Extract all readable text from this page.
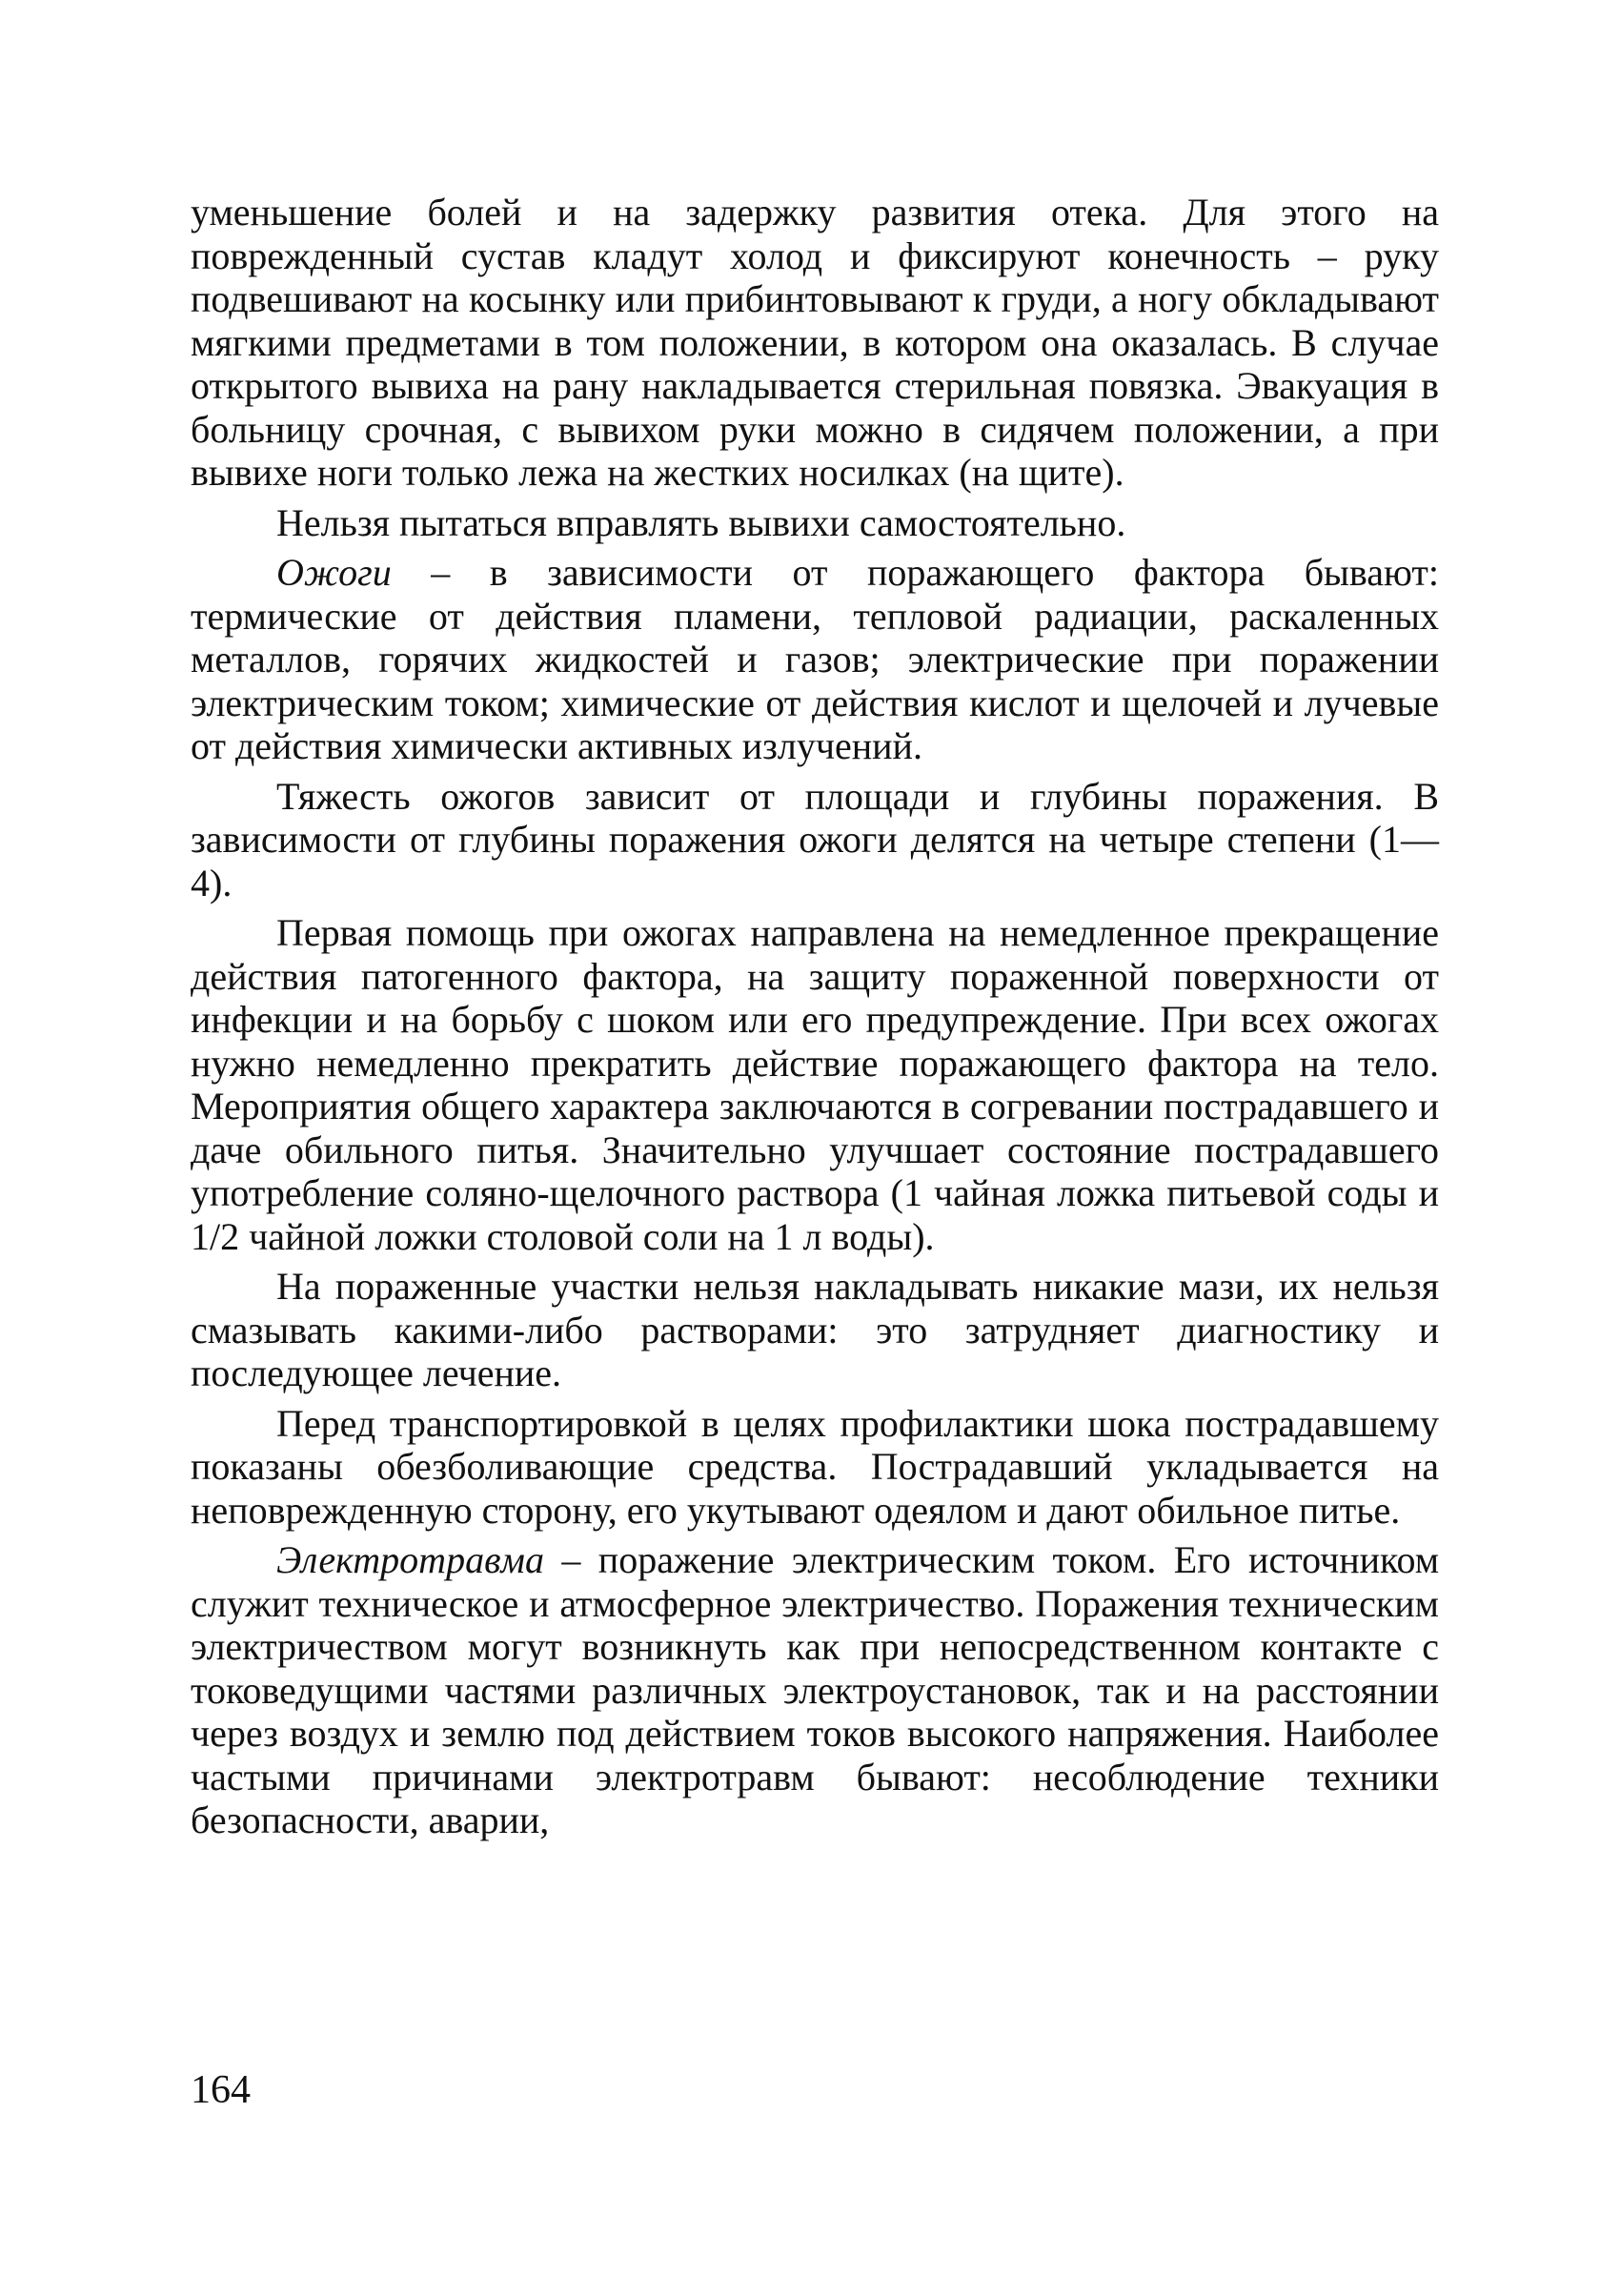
уменьшение болей и на задержку развития отека. Для этого на поврежденный сустав кладут холод и фиксируют конечность – руку подвешивают на косынку или прибинтовывают к груди, а ногу обкладывают мягкими предметами в том положении, в котором она оказалась. В случае открытого вывиха на рану накладывается стерильная повязка. Эвакуация в больницу срочная, с вывихом руки можно в сидячем положении, а при вывихе ноги только лежа на жестких носилках (на щите).

Нельзя пытаться вправлять вывихи самостоятельно.

Ожоги – в зависимости от поражающего фактора бывают: термические от действия пламени, тепловой радиации, раскаленных металлов, горячих жидкостей и газов; электрические при поражении электрическим током; химические от действия кислот и щелочей и лучевые от действия химически активных излучений.

Тяжесть ожогов зависит от площади и глубины поражения. В зависимости от глубины поражения ожоги делятся на четыре степени (1—4).

Первая помощь при ожогах направлена на немедленное прекращение действия патогенного фактора, на защиту пораженной поверхности от инфекции и на борьбу с шоком или его предупреждение. При всех ожогах нужно немедленно прекратить действие поражающего фактора на тело. Мероприятия общего характера заключаются в согревании пострадавшего и даче обильного питья. Значительно улучшает состояние пострадавшего употребление соляно-щелочного раствора (1 чайная ложка питьевой соды и 1/2 чайной ложки столовой соли на 1 л воды).

На пораженные участки нельзя накладывать никакие мази, их нельзя смазывать какими-либо растворами: это затрудняет диагностику и последующее лечение.

Перед транспортировкой в целях профилактики шока пострадавшему показаны обезболивающие средства. Пострадавший укладывается на неповрежденную сторону, его укутывают одеялом и дают обильное питье.

Электротравма – поражение электрическим током. Его источником служит техническое и атмосферное электричество. Поражения техническим электричеством могут возникнуть как при непосредственном контакте с токоведущими частями различных электроустановок, так и на расстоянии через воздух и землю под действием токов высокого напряжения. Наиболее частыми причинами электротравм бывают: несоблюдение техники безопасности, аварии,

164
